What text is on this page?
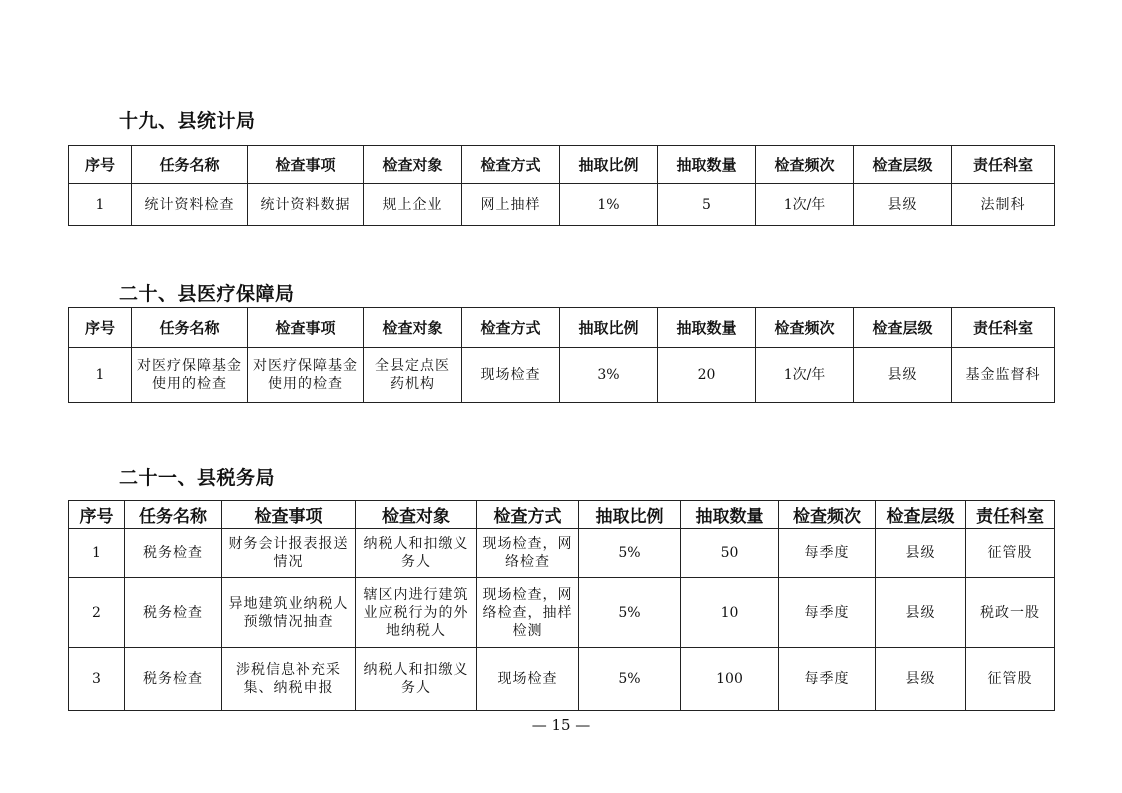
十九、县统计局
序号	任务名称	检查事项	检查对象	检查方式	抽取比例	抽取数量	检查频次	检查层级	责任科室
1	统计资料检查	统计资料数据	规上企业	网上抽样	1%	5	1次/年	县级	法制科
二十、县医疗保障局
序号	任务名称	检查事项	检查对象	检查方式	抽取比例	抽取数量	检查频次	检查层级	责任科室
1	对医疗保障基金使用的检查	对医疗保障基金使用的检查	全县定点医药机构	现场检查	3%	20	1次/年	县级	基金监督科
二十一、县税务局
序号	任务名称	检查事项	检查对象	检查方式	抽取比例	抽取数量	检查频次	检查层级	责任科室
1	税务检查	财务会计报表报送情况	纳税人和扣缴义务人	现场检查，网络检查	5%	50	每季度	县级	征管股
2	税务检查	异地建筑业纳税人预缴情况抽查	辖区内进行建筑业应税行为的外地纳税人	现场检查，网络检查，抽样检测	5%	10	每季度	县级	税政一股
3	税务检查	涉税信息补充采集、纳税申报	纳税人和扣缴义务人	现场检查	5%	100	每季度	县级	征管股
— 15 —
